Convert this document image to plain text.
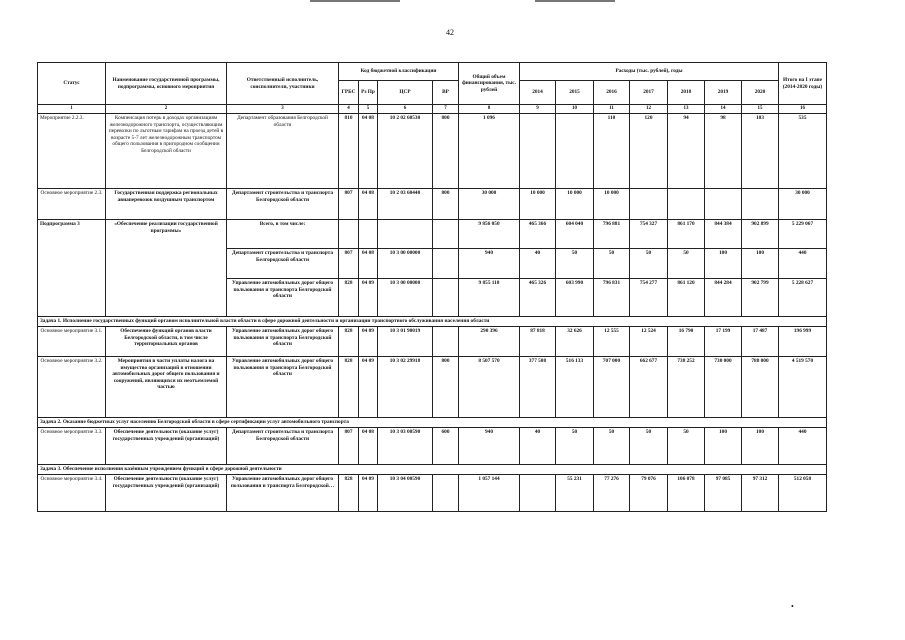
42
Статус	Наименование государственной программы, подпрограммы, основного мероприятия	Ответственный исполнитель, соисполнители, участники	Код бюджетной классификации				Общий объем финансирования, тыс. рублей	Расходы (тыс. рублей), годы							Итого на I этапе (2014-2020 годы)
			ГРБС	Рз Пр	ЦСР	ВР		2014	2015	2016	2017	2018	2019	2020	
1	2	3	4	5	6	7	8	9	10	11	12	13	14	15	16
Мероприятие 2.2.3.	Компенсация потерь в доходах организациям железнодорожного транспорта, осуществляющим перевозки по льготным тарифам на проезд детей в возрасте 5-7 лет железнодорожным транспортом общего пользования в пригородном сообщении Белгородской области	Департамент образования Белгородской области	810	04 08	10 2 02 60530	800	1 096			110	120	94	98	103	535
Основное мероприятие 2.3.	Государственная поддержка региональных авиаперевозок воздушным транспортом	Департамент строительства и транспорта Белгородской области	807	04 08	10 2 03 60440	800	30 000	10 000	10 000	10 000					30 000
Подпрограмма 3	«Обеспечение реализации государственной программы»	Всего, в том числе:					9 856 050	465 366	604 040	796 881	754 327	861 170	844 384	902 899	5 229 067
		Департамент строительства и транспорта Белгородской области	807	04 08	10 3 00 00000		940	40	50	50	50	50	100	100	440
		Управление автомобильных дорог общего пользования и транспорта Белгородской области	828	04 09	10 3 00 00000		9 855 110	465 326	603 990	796 831	754 277	861 120	844 284	902 799	5 228 627
Задача 1. Исполнение государственных функций органом исполнительной власти области в сфере дорожной деятельности и организации транспортного обслуживания населения области															
Основное мероприятие 3.1.	Обеспечение функций органов власти Белгородской области, в том числе территориальных органов	Управление автомобильных дорог общего пользования и транспорта Белгородской области	828	04 09	10 3 01 90019		290 396	87 818	32 626	12 555	12 524	16 790	17 199	17 487	196 999
Основное мероприятие 3.2.	Мероприятия в части уплаты налога на имущество организаций в отношении автомобильных дорог общего пользования и сооружений, являющихся их неотъемлемой частью	Управление автомобильных дорог общего пользования и транспорта Белгородской области	828	04 09	10 3 02 29918	800	8 507 570	377 508	516 133	707 000	662 677	738 252	730 000	788 000	4 519 570
Задача 2. Оказание бюджетных услуг населению Белгородской области в сфере сертификации услуг автомобильного транспорта															
Основное мероприятие 3.3.	Обеспечение деятельности (оказание услуг) государственных учреждений (организаций)	Департамент строительства и транспорта Белгородской области	807	04 08	10 3 03 00590	600	940	40	50	50	50	50	100	100	440
Задача 3. Обеспечение исполнения казённым учреждением функций в сфере дорожной деятельности															
Основное мероприятие 3.4.	Обеспечение деятельности (оказание услуг) государственных учреждений (организаций)	Управление автомобильных дорог общего пользования и транспорта Белгородской…	828	04 09	10 3 04 00590		1 057 144		55 231	77 276	79 076	106 078	97 085	97 312	512 058
•
